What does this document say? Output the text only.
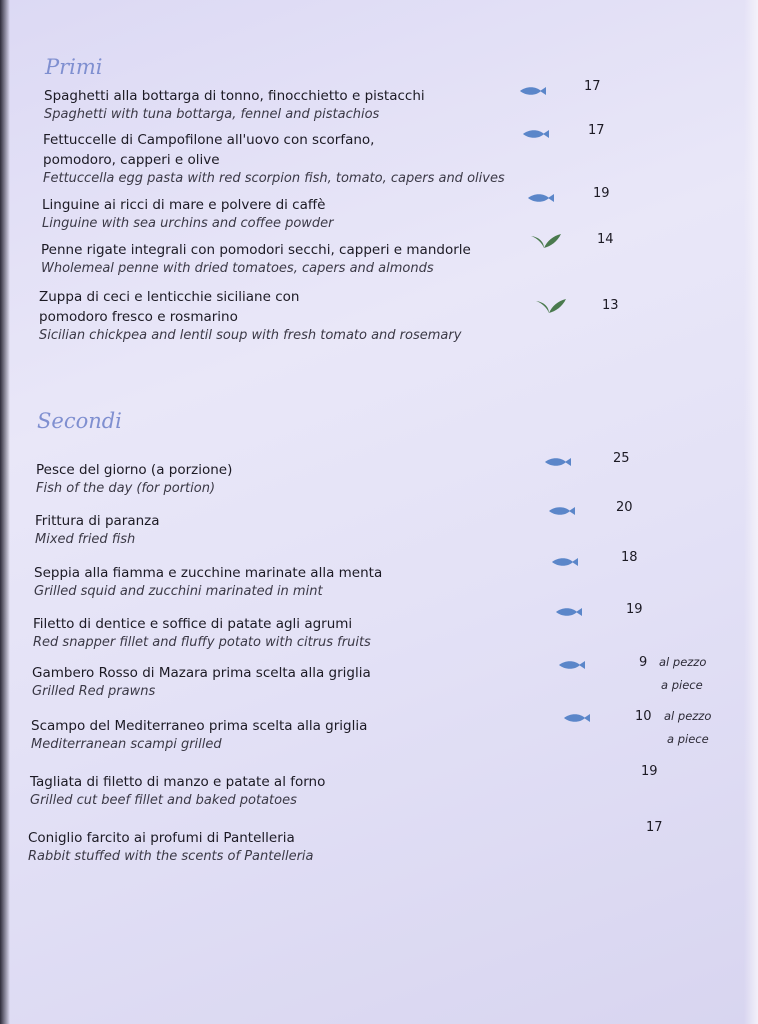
Primi
Spaghetti alla bottarga di tonno, finocchietto e pistacchi
Spaghetti with tuna bottarga, fennel and pistachios
17
Fettuccelle di Campofilone all'uovo con scorfano,
pomodoro, capperi e olive
Fettuccella egg pasta with red scorpion fish, tomato, capers and olives
17
Linguine ai ricci di mare e polvere di caffè
Linguine with sea urchins and coffee powder
19
Penne rigate integrali con pomodori secchi, capperi e mandorle
Wholemeal penne with dried tomatoes, capers and almonds
14
Zuppa di ceci e lenticchie siciliane con
pomodoro fresco e rosmarino
Sicilian chickpea and lentil soup with fresh tomato and rosemary
13
Secondi
Pesce del giorno (a porzione)
Fish of the day (for portion)
25
Frittura di paranza
Mixed fried fish
20
Seppia alla fiamma e zucchine marinate alla menta
Grilled squid and zucchini marinated in mint
18
Filetto di dentice e soffice di patate agli agrumi
Red snapper fillet and fluffy potato with citrus fruits
19
Gambero Rosso di Mazara prima scelta alla griglia
Grilled Red prawns
9 al pezzo
a piece
Scampo del Mediterraneo prima scelta alla griglia
Mediterranean scampi grilled
10 al pezzo
a piece
Tagliata di filetto di manzo e patate al forno
Grilled cut beef fillet and baked potatoes
19
Coniglio farcito ai profumi di Pantelleria
Rabbit stuffed with the scents of Pantelleria
17
